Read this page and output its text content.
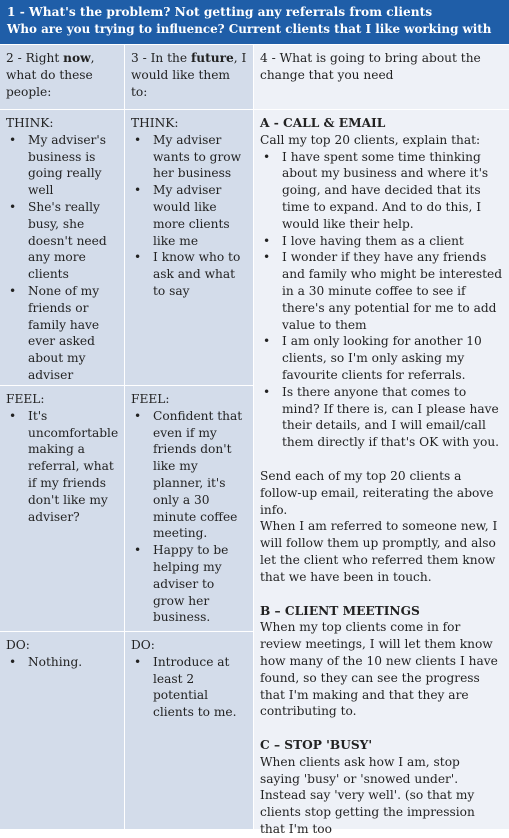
1 - What's the problem? Not getting any referrals from clients
Who are you trying to influence? Current clients that I like working with
2 - Right now, what do these people:
3 - In the future, I would like them to:
4 - What is going to bring about the change that you need
THINK:
• My adviser's business is going really well
• She's really busy, she doesn't need any more clients
• None of my friends or family have ever asked about my adviser
FEEL:
• It's uncomfortable making a referral, what if my friends don't like my adviser?
DO:
• Nothing.
THINK:
• My adviser wants to grow her business
• My adviser would like more clients like me
• I know who to ask and what to say
FEEL:
• Confident that even if my friends don't like my planner, it's only a 30 minute coffee meeting.
• Happy to be helping my adviser to grow her business.
DO:
• Introduce at least 2 potential clients to me.
A - CALL & EMAIL
Call my top 20 clients, explain that:
• I have spent some time thinking about my business and where it's going, and have decided that its time to expand. And to do this, I would like their help.
• I love having them as a client
• I wonder if they have any friends and family who might be interested in a 30 minute coffee to see if there's any potential for me to add value to them
• I am only looking for another 10 clients, so I'm only asking my favourite clients for referrals.
• Is there anyone that comes to mind? If there is, can I please have their details, and I will email/call them directly if that's OK with you.
Send each of my top 20 clients a follow-up email, reiterating the above info.
When I am referred to someone new, I will follow them up promptly, and also let the client who referred them know that we have been in touch.
B – CLIENT MEETINGS
When my top clients come in for review meetings, I will let them know how many of the 10 new clients I have found, so they can see the progress that I'm making and that they are contributing to.
C – STOP 'BUSY'
When clients ask how I am, stop saying 'busy' or 'snowed under'. Instead say 'very well'. (so that my clients stop getting the impression that I'm too
